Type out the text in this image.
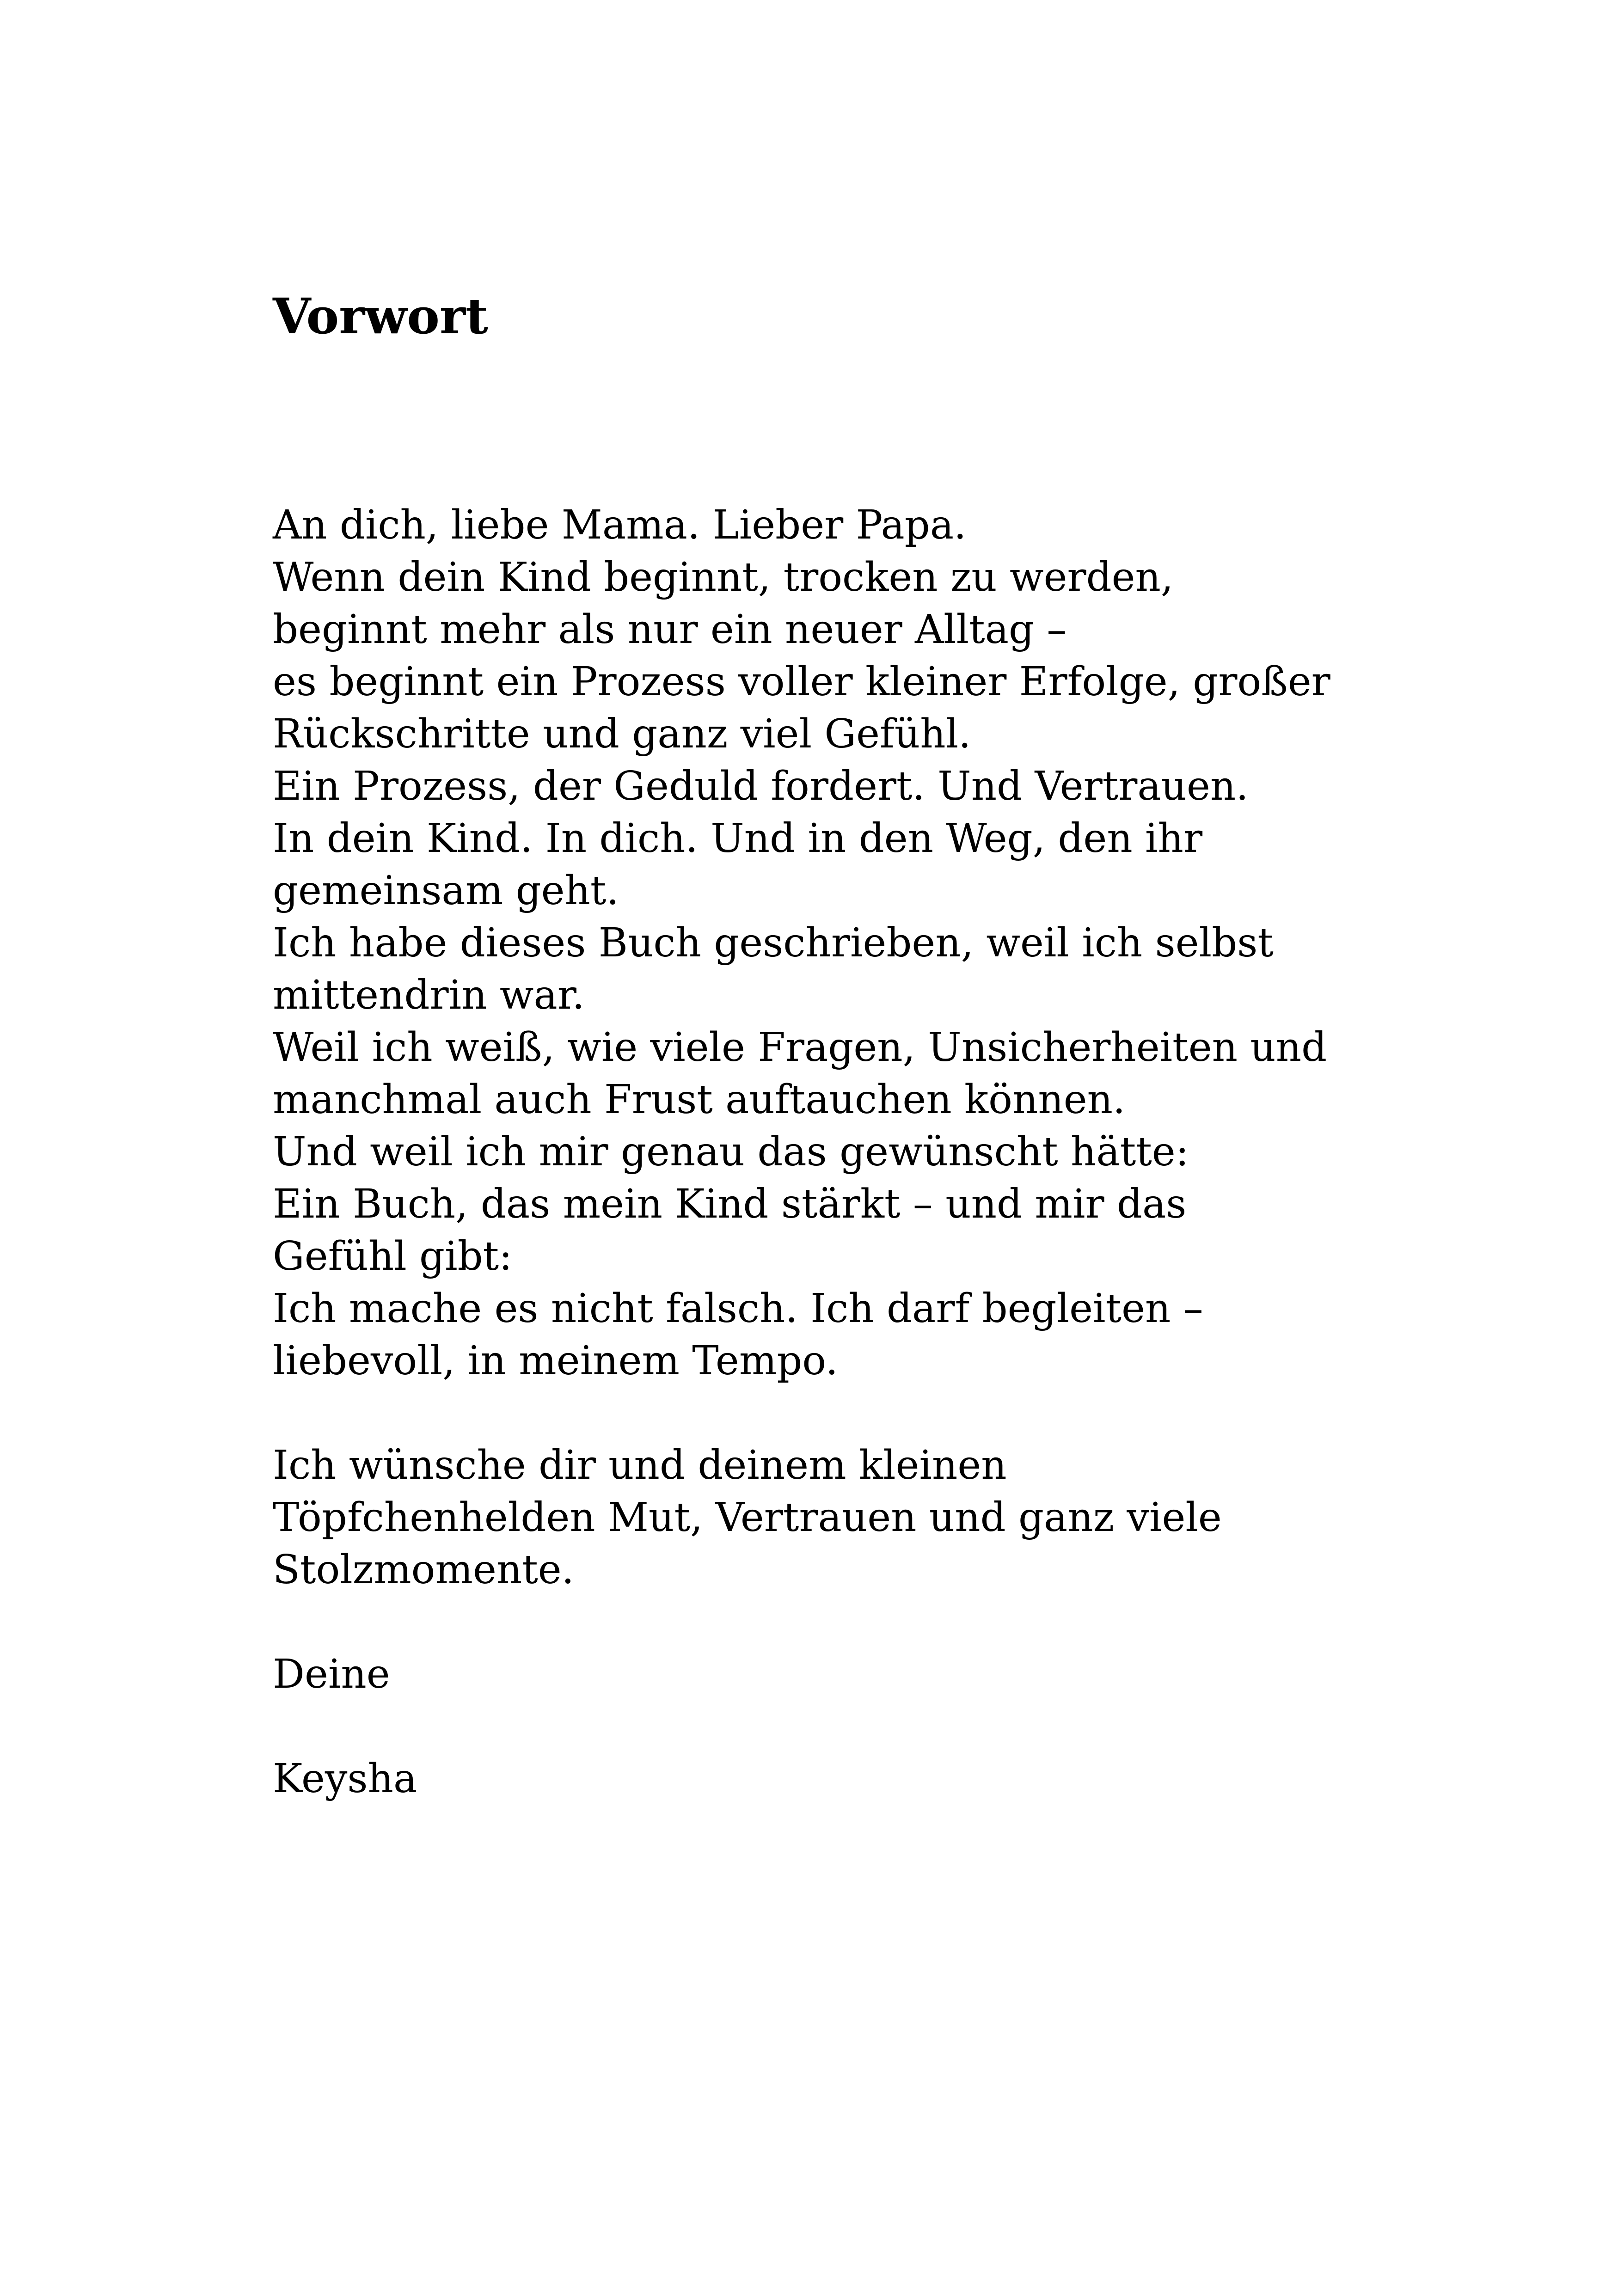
Vorwort
An dich, liebe Mama. Lieber Papa.
Wenn dein Kind beginnt, trocken zu werden,
beginnt mehr als nur ein neuer Alltag –
es beginnt ein Prozess voller kleiner Erfolge, großer
Rückschritte und ganz viel Gefühl.
Ein Prozess, der Geduld fordert. Und Vertrauen.
In dein Kind. In dich. Und in den Weg, den ihr
gemeinsam geht.
Ich habe dieses Buch geschrieben, weil ich selbst
mittendrin war.
Weil ich weiß, wie viele Fragen, Unsicherheiten und
manchmal auch Frust auftauchen können.
Und weil ich mir genau das gewünscht hätte:
Ein Buch, das mein Kind stärkt – und mir das
Gefühl gibt:
Ich mache es nicht falsch. Ich darf begleiten –
liebevoll, in meinem Tempo.
Ich wünsche dir und deinem kleinen
Töpfchenhelden Mut, Vertrauen und ganz viele
Stolzmomente.
Deine
Keysha
